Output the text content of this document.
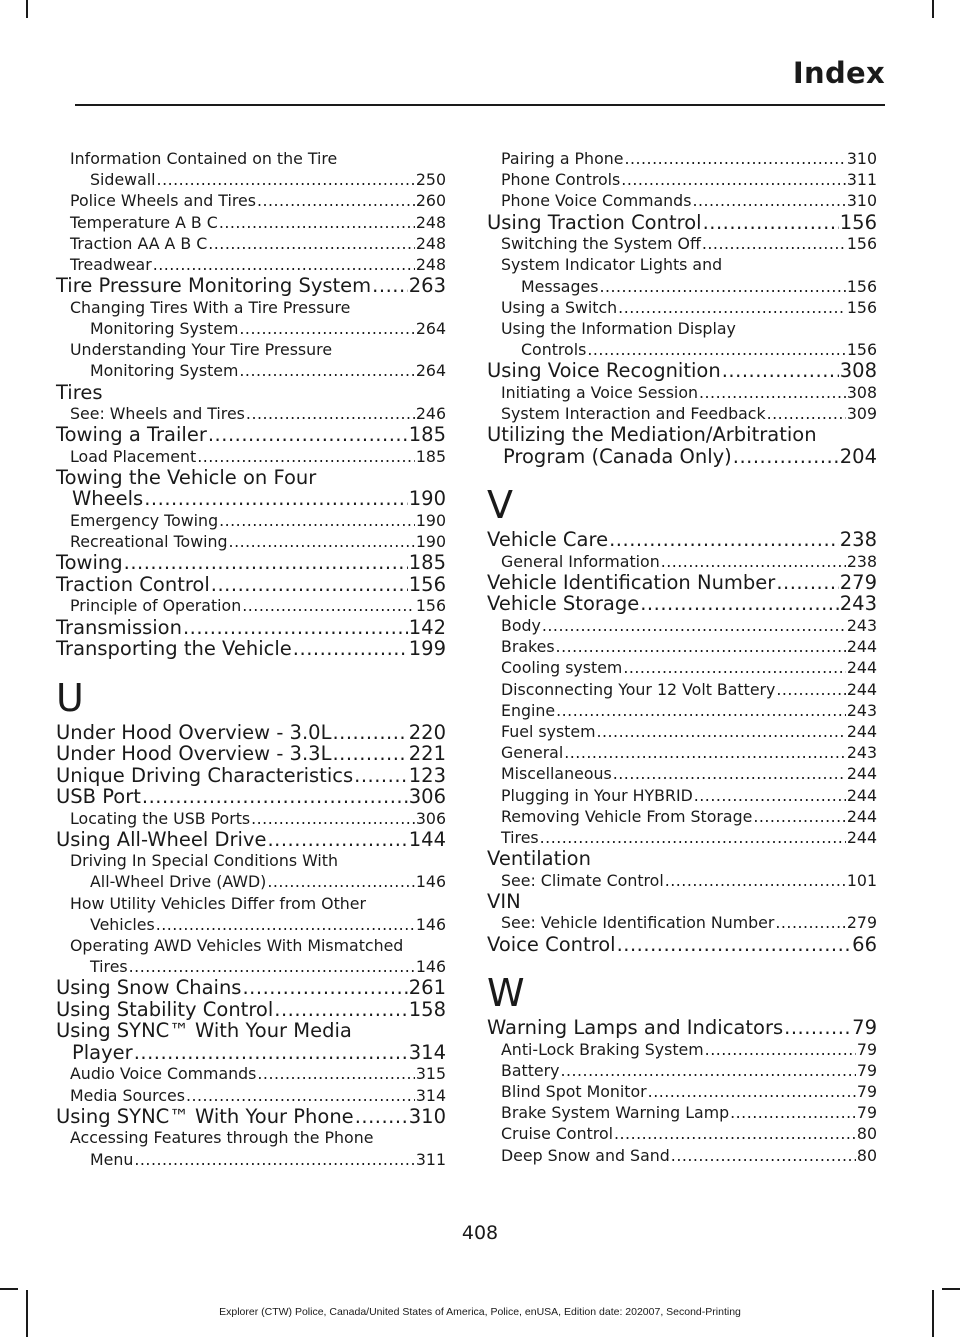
Index
Information Contained on the Tire
Sidewall .....	250
Police Wheels and Tires .....	260
Temperature A B C .....	248
Traction AA A B C .....	248
Treadwear .....	248
Tire Pressure Monitoring System ..... 263
Changing Tires With a Tire Pressure
Monitoring System .....	264
Understanding Your Tire Pressure
Monitoring System .....	264
Tires
See: Wheels and Tires .....	246
Towing a Trailer .....	185
Load Placement .....	185
Towing the Vehicle on Four
Wheels .....	190
Emergency Towing .....	190
Recreational Towing .....	190
Towing .....	185
Traction Control .....	156
Principle of Operation .....	156
Transmission .....	142
Transporting the Vehicle .....	199
U
Under Hood Overview - 3.0L .....	220
Under Hood Overview - 3.3L .....	221
Unique Driving Characteristics .....	123
USB Port .....	306
Locating the USB Ports .....	306
Using All-Wheel Drive .....	144
Driving In Special Conditions With
All-Wheel Drive (AWD) .....	146
How Utility Vehicles Differ from Other
Vehicles .....	146
Operating AWD Vehicles With Mismatched
Tires .....	146
Using Snow Chains .....	261
Using Stability Control .....	158
Using SYNC™ With Your Media
Player .....	314
Audio Voice Commands .....	315
Media Sources .....	314
Using SYNC™ With Your Phone .....	310
Accessing Features through the Phone
Menu .....	311
Pairing a Phone .....	310
Phone Controls .....	311
Phone Voice Commands .....	310
Using Traction Control .....	156
Switching the System Off .....	156
System Indicator Lights and
Messages .....	156
Using a Switch .....	156
Using the Information Display
Controls .....	156
Using Voice Recognition .....	308
Initiating a Voice Session .....	308
System Interaction and Feedback .....	309
Utilizing the Mediation/Arbitration
Program (Canada Only) .....	204
V
Vehicle Care .....	238
General Information .....	238
Vehicle Identification Number .....	279
Vehicle Storage .....	243
Body .....	243
Brakes .....	244
Cooling system .....	244
Disconnecting Your 12 Volt Battery .....	244
Engine .....	243
Fuel system .....	244
General .....	243
Miscellaneous .....	244
Plugging in Your HYBRID .....	244
Removing Vehicle From Storage .....	244
Tires .....	244
Ventilation
See: Climate Control .....	101
VIN
See: Vehicle Identification Number .....	279
Voice Control .....	66
W
Warning Lamps and Indicators .....	79
Anti-Lock Braking System .....	79
Battery .....	79
Blind Spot Monitor .....	79
Brake System Warning Lamp .....	79
Cruise Control .....	80
Deep Snow and Sand .....	80
408
Explorer (CTW) Police, Canada/United States of America, Police, enUSA, Edition date: 202007, Second-Printing
